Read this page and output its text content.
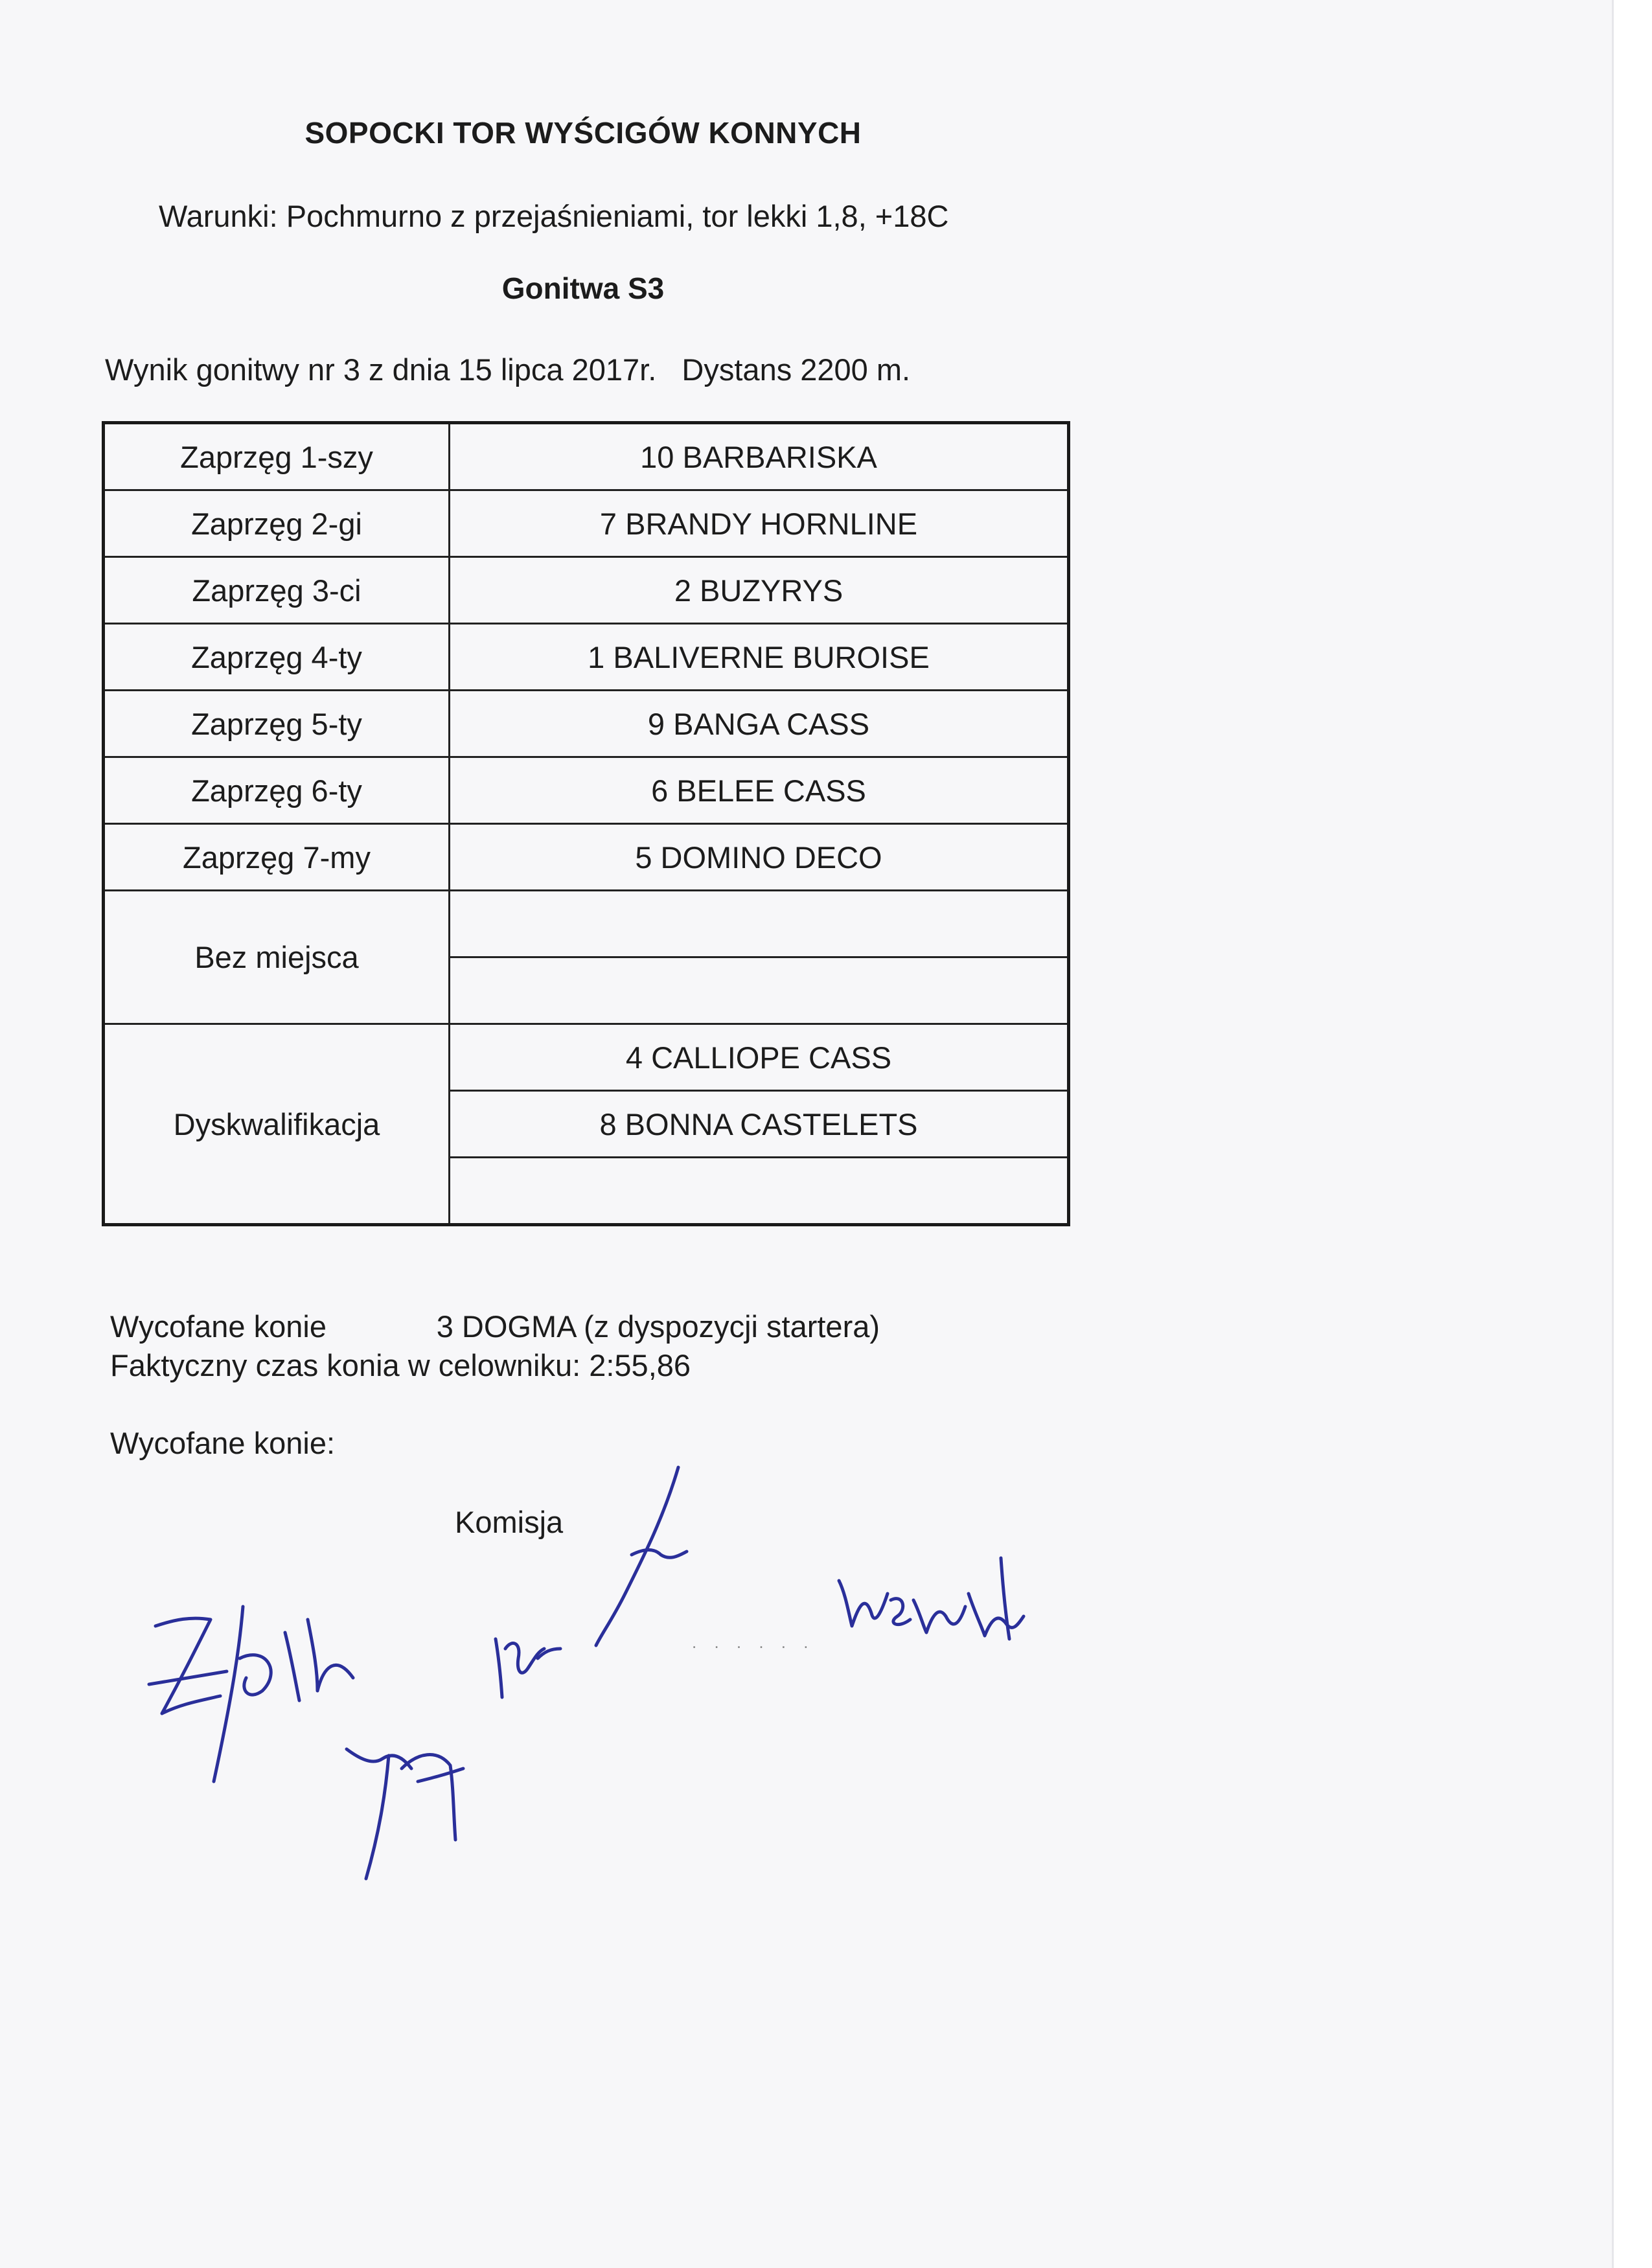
SOPOCKI TOR WYŚCIGÓW KONNYCH
Warunki: Pochmurno z przejaśnieniami, tor lekki 1,8, +18C
Gonitwa S3
Wynik gonitwy nr 3 z dnia 15 lipca 2017r.   Dystans 2200 m.
Zaprzęg 1-szy	10 BARBARISKA
Zaprzęg 2-gi	7 BRANDY HORNLINE
Zaprzęg 3-ci	2 BUZYRYS
Zaprzęg 4-ty	1 BALIVERNE BUROISE
Zaprzęg 5-ty	9 BANGA CASS
Zaprzęg 6-ty	6 BELEE CASS
Zaprzęg 7-my	5 DOMINO DECO
Bez miejsca	

Dyskwalifikacja	4 CALLIOPE CASS
	8 BONNA CASTELETS

Wycofane konie             3 DOGMA (z dyspozycji startera)
Faktyczny czas konia w celowniku: 2:55,86
Wycofane konie:
Komisja
. . . . . .
